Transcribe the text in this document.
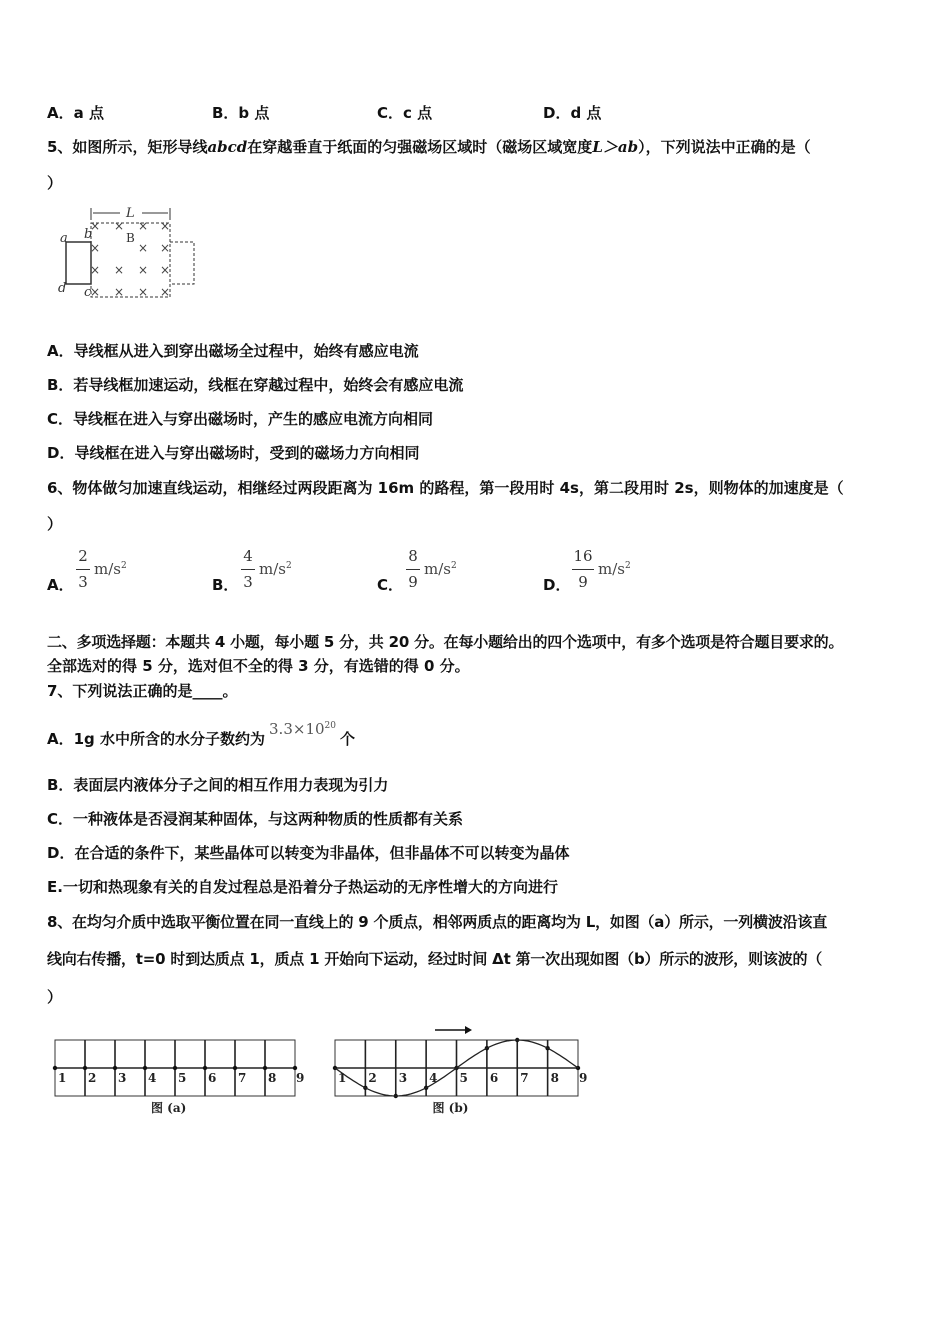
A．a 点	B．b 点	C．c 点	D．d 点
5、如图所示，矩形导线abcd在穿越垂直于纸面的匀强磁场区域时（磁场区域宽度L＞ab），下列说法中正确的是（
）
L
a b
c
d
B
× × × ×
×	× ×
× × × ×
× × × ×
A．导线框从进入到穿出磁场全过程中，始终有感应电流
B．若导线框加速运动，线框在穿越过程中，始终会有感应电流
C．导线框在进入与穿出磁场时，产生的感应电流方向相同
D．导线框在进入与穿出磁场时，受到的磁场力方向相同
6、物体做匀加速直线运动，相继经过两段距离为 16m 的路程，第一段用时 4s，第二段用时 2s，则物体的加速度是（
）
A．
2
3
$m/s^2$
B．
4
3
$m/s^2$
C．
8
9
$m/s^2$
D．
16
9
$m/s^2$
二、多项选择题：本题共 4 小题，每小题 5 分，共 20 分。在每小题给出的四个选项中，有多个选项是符合题目要求的。
全部选对的得 5 分，选对但不全的得 3 分，有选错的得 0 分。
7、下列说法正确的是____。
A．1g 水中所含的水分子数约为$3.3\times 10^{20}$个
B．表面层内液体分子之间的相互作用力表现为引力
C．一种液体是否浸润某种固体，与这两种物质的性质都有关系
D．在合适的条件下，某些晶体可以转变为非晶体，但非晶体不可以转变为晶体
E.一切和热现象有关的自发过程总是沿着分子热运动的无序性增大的方向进行
8、在均匀介质中选取平衡位置在同一直线上的 9 个质点，相邻两质点的距离均为 L，如图（a）所示，一列横波沿该直
线向右传播，t=0 时到达质点 1，质点 1 开始向下运动，经过时间 Δt 第一次出现如图（b）所示的波形，则该波的（
）
1 2 3 4 5 6 7 8 9
图 (a)
1 2 3 4 5 6 7 8 9
图 (b)
